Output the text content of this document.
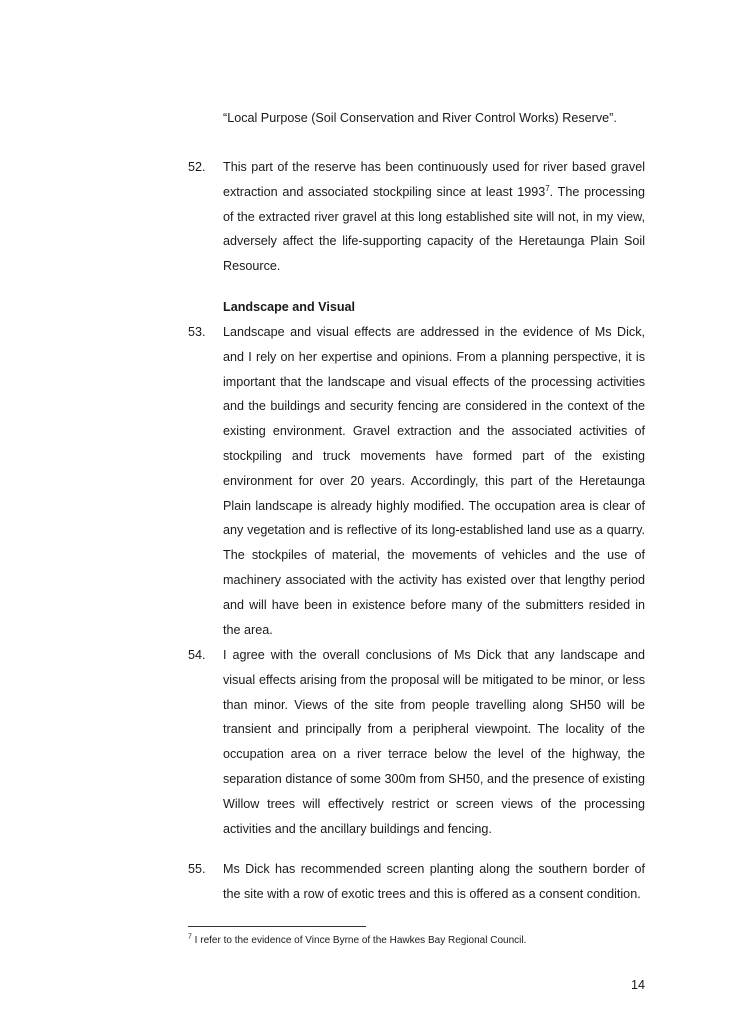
“Local Purpose (Soil Conservation and River Control Works) Reserve”.
52. This part of the reserve has been continuously used for river based gravel extraction and associated stockpiling since at least 1993$^7$. The processing of the extracted river gravel at this long established site will not, in my view, adversely affect the life-supporting capacity of the Heretaunga Plain Soil Resource.
Landscape and Visual
53. Landscape and visual effects are addressed in the evidence of Ms Dick, and I rely on her expertise and opinions. From a planning perspective, it is important that the landscape and visual effects of the processing activities and the buildings and security fencing are considered in the context of the existing environment. Gravel extraction and the associated activities of stockpiling and truck movements have formed part of the existing environment for over 20 years. Accordingly, this part of the Heretaunga Plain landscape is already highly modified. The occupation area is clear of any vegetation and is reflective of its long-established land use as a quarry. The stockpiles of material, the movements of vehicles and the use of machinery associated with the activity has existed over that lengthy period and will have been in existence before many of the submitters resided in the area.
54. I agree with the overall conclusions of Ms Dick that any landscape and visual effects arising from the proposal will be mitigated to be minor, or less than minor. Views of the site from people travelling along SH50 will be transient and principally from a peripheral viewpoint. The locality of the occupation area on a river terrace below the level of the highway, the separation distance of some 300m from SH50, and the presence of existing Willow trees will effectively restrict or screen views of the processing activities and the ancillary buildings and fencing.
55. Ms Dick has recommended screen planting along the southern border of the site with a row of exotic trees and this is offered as a consent condition.
$^7$ I refer to the evidence of Vince Byrne of the Hawkes Bay Regional Council.
14
